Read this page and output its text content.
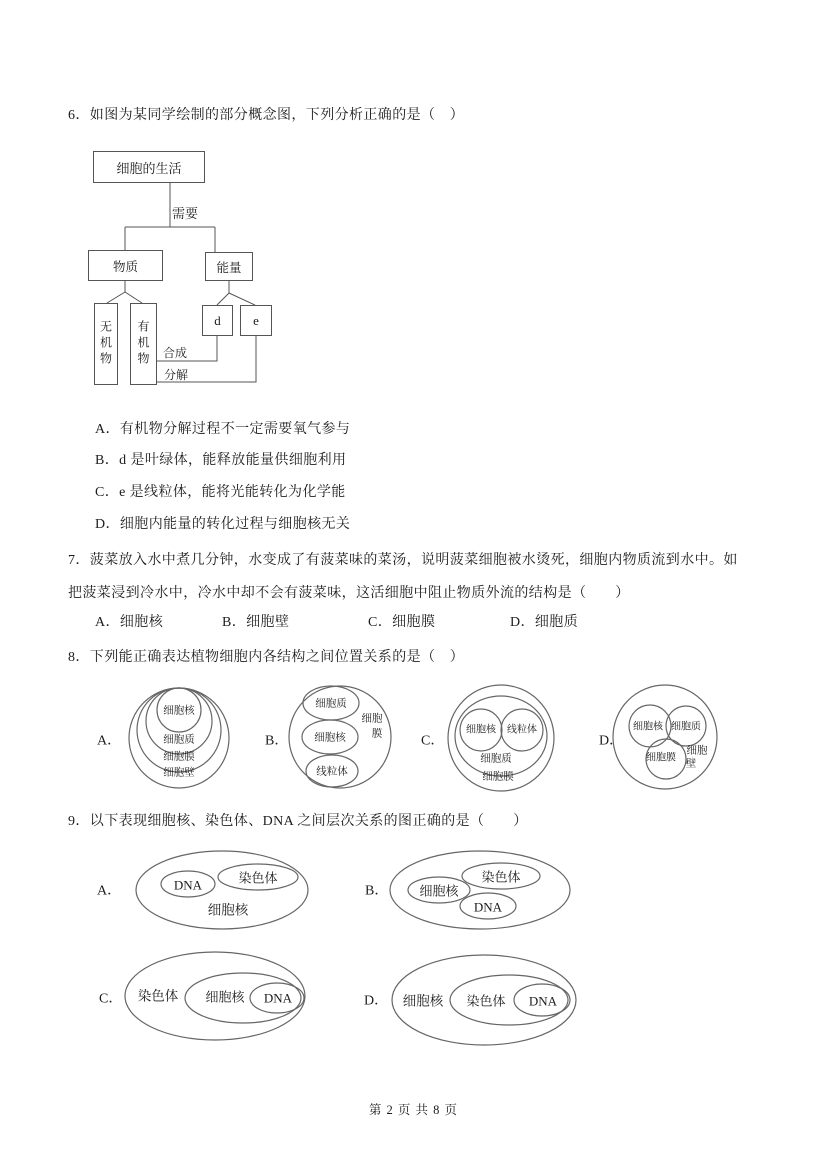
6．如图为某同学绘制的部分概念图，下列分析正确的是（　）
细胞的生活
需要
物质	能量
无机物	有机物	d	e
合成
分解
A．有机物分解过程不一定需要氧气参与
B．d 是叶绿体，能释放能量供细胞利用
C．e 是线粒体，能将光能转化为化学能
D．细胞内能量的转化过程与细胞核无关
7．菠菜放入水中煮几分钟，水变成了有菠菜味的菜汤，说明菠菜细胞被水烫死，细胞内物质流到水中。如
把菠菜浸到冷水中，冷水中却不会有菠菜味，这活细胞中阻止物质外流的结构是（　　）
A．细胞核	B．细胞壁	C．细胞膜	D．细胞质
8．下列能正确表达植物细胞内各结构之间位置关系的是（　）
A．	B．	C．	D．
细胞核
细胞质
细胞膜
细胞壁
细胞质
细胞核
线粒体
细胞
膜	细胞核 线粒体
细胞质
细胞膜
细胞核 细胞质
细胞膜
细胞
壁
9．以下表现细胞核、染色体、DNA 之间层次关系的图正确的是（　　）
A．	B．
C．	D．
DNA	染色体
细胞核
细胞核
染色体
DNA
染色体 细胞核 DNA	细胞核 染色体 DNA
第 2 页 共 8 页
